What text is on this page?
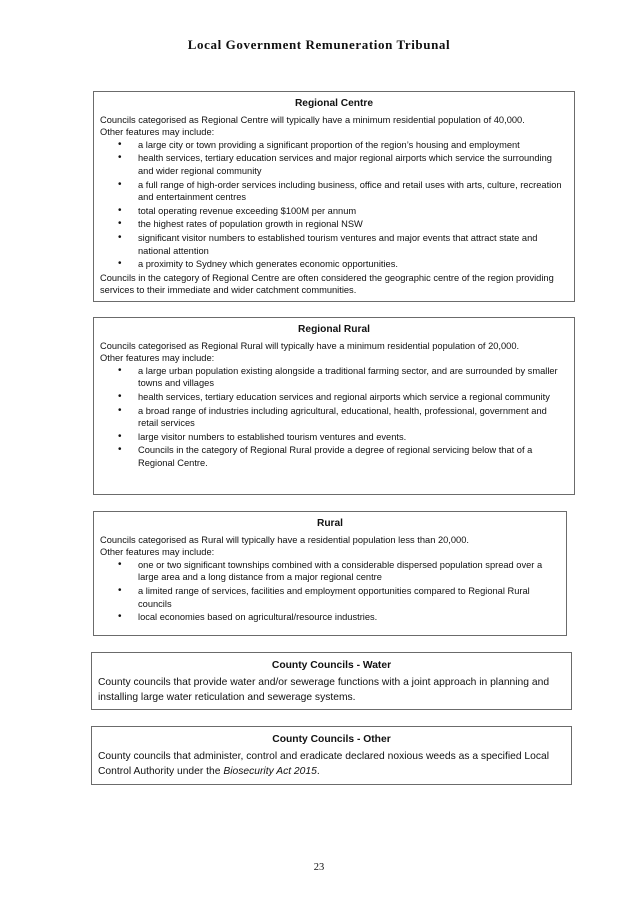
Local Government Remuneration Tribunal
Regional Centre

Councils categorised as Regional Centre will typically have a minimum residential population of 40,000.

Other features may include:

• a large city or town providing a significant proportion of the region’s housing and employment
• health services, tertiary education services and major regional airports which service the surrounding and wider regional community
• a full range of high-order services including business, office and retail uses with arts, culture, recreation and entertainment centres
• total operating revenue exceeding $100M per annum
• the highest rates of population growth in regional NSW
• significant visitor numbers to established tourism ventures and major events that attract state and national attention
• a proximity to Sydney which generates economic opportunities.

Councils in the category of Regional Centre are often considered the geographic centre of the region providing services to their immediate and wider catchment communities.

Regional Rural

Councils categorised as Regional Rural will typically have a minimum residential population of 20,000.

Other features may include:

• a large urban population existing alongside a traditional farming sector, and are surrounded by smaller towns and villages
• health services, tertiary education services and regional airports which service a regional community
• a broad range of industries including agricultural, educational, health, professional, government and retail services
• large visitor numbers to established tourism ventures and events.
• Councils in the category of Regional Rural provide a degree of regional servicing below that of a Regional Centre.
Rural

Councils categorised as Rural will typically have a residential population less than 20,000.

Other features may include:

• one or two significant townships combined with a considerable dispersed population spread over a large area and a long distance from a major regional centre
• a limited range of services, facilities and employment opportunities compared to Regional Rural councils
• local economies based on agricultural/resource industries.
County Councils - Water

County councils that provide water and/or sewerage functions with a joint approach in planning and installing large water reticulation and sewerage systems.

County Councils - Other

County councils that administer, control and eradicate declared noxious weeds as a specified Local Control Authority under the Biosecurity Act 2015.

23
